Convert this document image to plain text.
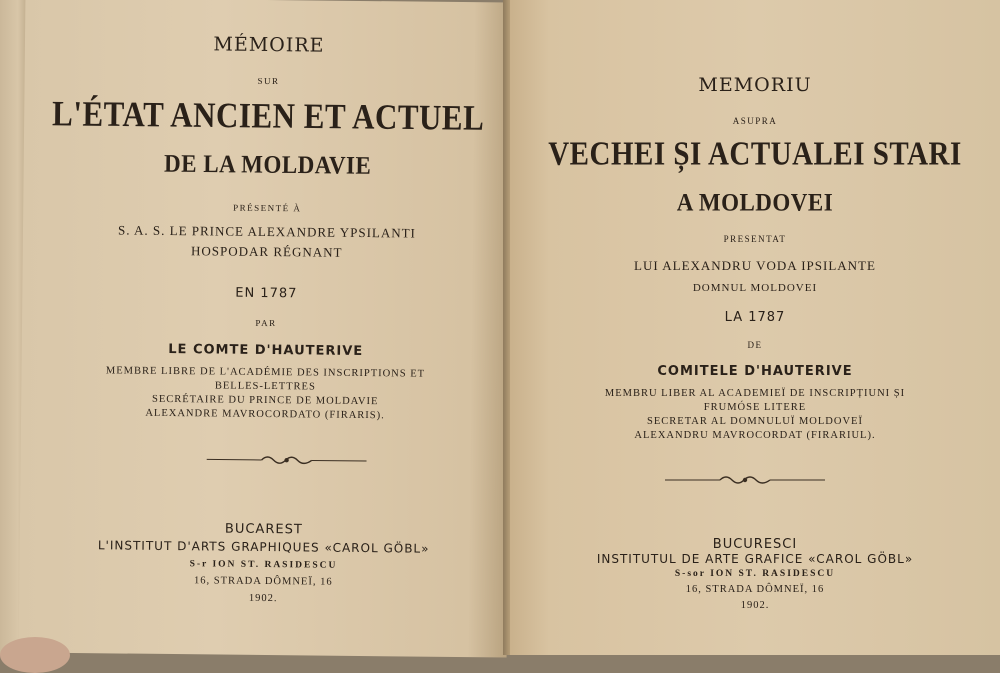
MÉMOIRE
SUR
L'ÉTAT ANCIEN ET ACTUEL
DE LA MOLDAVIE
PRÉSENTÉ À
S. A. S. LE PRINCE ALEXANDRE YPSILANTI
HOSPODAR RÉGNANT
EN 1787
PAR
LE COMTE D'HAUTERIVE
MEMBRE LIBRE DE L'ACADÉMIE DES INSCRIPTIONS ET
BELLES-LETTRES
SECRÉTAIRE DU PRINCE DE MOLDAVIE
ALEXANDRE MAVROCORDATO (FIRARIS).
BUCAREST
L'INSTITUT D'ARTS GRAPHIQUES «CAROL GÖBL»
S-r ION ST. RASIDESCU
16, STRADA DÔMNEÏ, 16
1902.
MEMORIU
ASUPRA
VECHEI ȘI ACTUALEI STARI
A MOLDOVEI
PRESENTAT
LUI ALEXANDRU VODA IPSILANTE
DOMNUL MOLDOVEI
LA 1787
DE
COMITELE D'HAUTERIVE
MEMBRU LIBER AL ACADEMIEÏ DE INSCRIPȚIUNI ȘI
FRUMÓSE LITERE
SECRETAR AL DOMNULUÏ MOLDOVEÏ
ALEXANDRU MAVROCORDAT (FIRARIUL).
BUCURESCI
INSTITUTUL DE ARTE GRAFICE «CAROL GÖBL»
S-sor ION ST. RASIDESCU
16, STRADA DÔMNEÏ, 16
1902.
